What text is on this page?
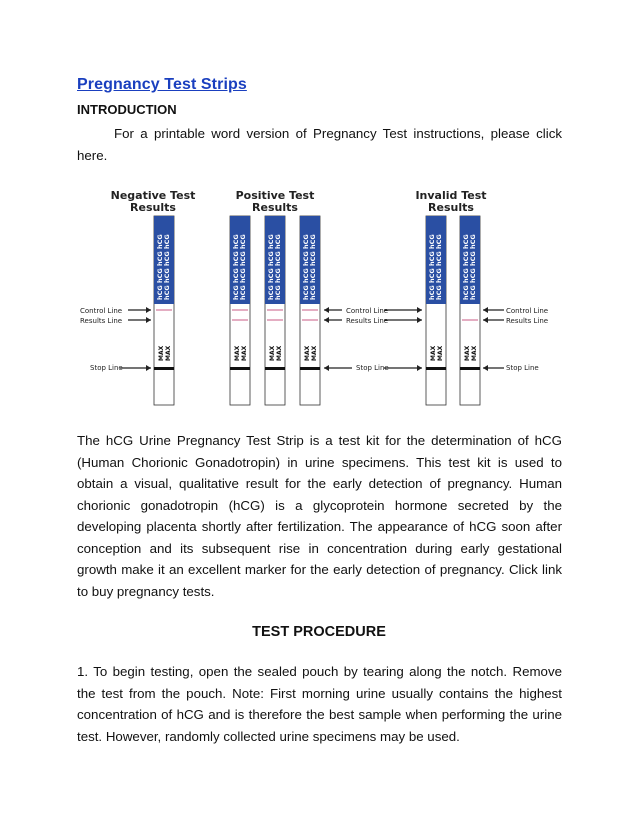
Pregnancy Test Strips
INTRODUCTION
For a printable word version of Pregnancy Test instructions, please click
here.
Negative Test
Results
Positive Test
Results
Invalid Test
Results
Control Line
Results Line
Stop Line
Control Line
Results Line
Stop Line
Control Line
Results Line
Stop Line
hCG hCG hCG hCG hCG hCG hCG hCG
MAX MAX
hCG hCG hCG hCG hCG hCG hCG hCG
MAX MAX
hCG hCG hCG hCG hCG hCG hCG hCG
MAX MAX
hCG hCG hCG hCG hCG hCG hCG hCG
MAX MAX
hCG hCG hCG hCG hCG hCG hCG hCG
MAX MAX
hCG hCG hCG hCG hCG hCG hCG hCG
MAX MAX
The hCG Urine Pregnancy Test Strip is a test kit for the determination of hCG
(Human Chorionic Gonadotropin) in urine specimens. This test kit is used to
obtain a visual, qualitative result for the early detection of pregnancy. Human
chorionic gonadotropin (hCG) is a glycoprotein hormone secreted by the
developing placenta shortly after fertilization. The appearance of hCG soon after
conception and its subsequent rise in concentration during early gestational
growth make it an excellent marker for the early detection of pregnancy. Click link
to buy pregnancy tests.
TEST PROCEDURE
1. To begin testing, open the sealed pouch by tearing along the notch. Remove
the test from the pouch. Note: First morning urine usually contains the highest
concentration of hCG and is therefore the best sample when performing the urine
test. However, randomly collected urine specimens may be used.
